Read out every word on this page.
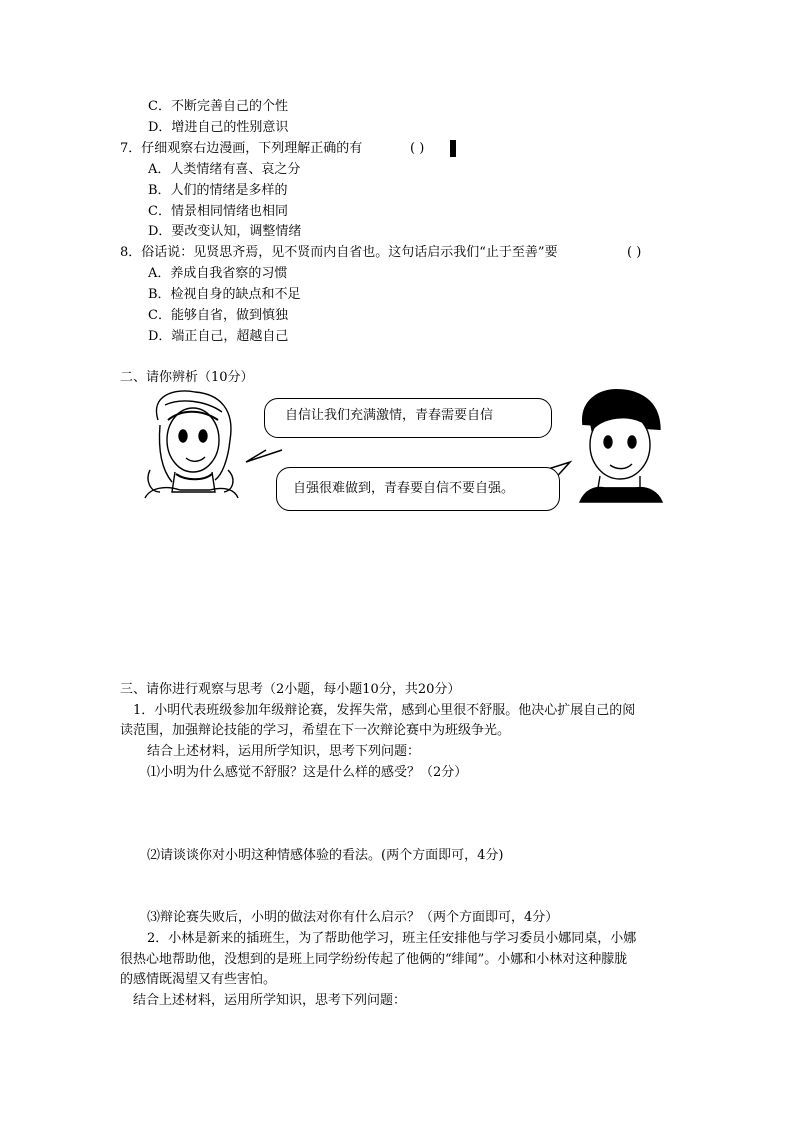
C．不断完善自己的个性
D．增进自己的性别意识
7．仔细观察右边漫画，下列理解正确的有	( )
A．人类情绪有喜、哀之分
B．人们的情绪是多样的
C．情景相同情绪也相同
D．要改变认知，调整情绪
8．俗话说：见贤思齐焉，见不贤而内自省也。这句话启示我们“止于至善”要	( )
A．养成自我省察的习惯
B．检视自身的缺点和不足
C．能够自省，做到慎独
D．端正自己，超越自己
二、请你辨析（10分）
自信让我们充满激情，青春需要自信
自强很难做到，青春要自信不要自强。
三、请你进行观察与思考（2小题，每小题10分，共20分）
1．小明代表班级参加年级辩论赛，发挥失常，感到心里很不舒服。他决心扩展自己的阅
读范围，加强辩论技能的学习，希望在下一次辩论赛中为班级争光。
结合上述材料，运用所学知识，思考下列问题：
⑴小明为什么感觉不舒服？这是什么样的感受？（2分）
⑵请谈谈你对小明这种情感体验的看法。(两个方面即可，4分)
⑶辩论赛失败后，小明的做法对你有什么启示？（两个方面即可，4分）
2．小林是新来的插班生，为了帮助他学习，班主任安排他与学习委员小娜同桌，小娜
很热心地帮助他，没想到的是班上同学纷纷传起了他俩的“绯闻”。小娜和小林对这种朦胧
的感情既渴望又有些害怕。
结合上述材料，运用所学知识，思考下列问题：
